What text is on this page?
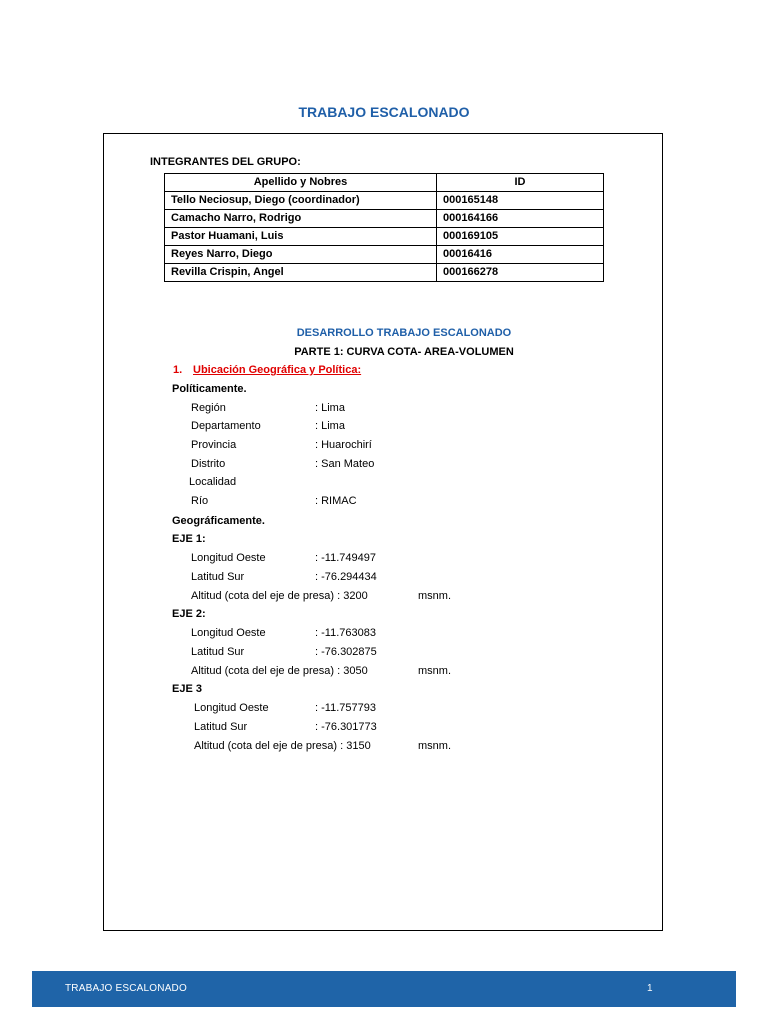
TRABAJO ESCALONADO
INTEGRANTES DEL GRUPO:
Apellido y Nobres	ID
Tello Neciosup, Diego (coordinador)	000165148
Camacho Narro, Rodrigo	000164166
Pastor Huamani, Luis	000169105
Reyes Narro, Diego	00016416
Revilla Crispin, Angel	000166278
DESARROLLO TRABAJO ESCALONADO
PARTE 1: CURVA COTA- AREA-VOLUMEN
1. Ubicación Geográfica y Política:
Políticamente.
Región	: Lima
Departamento	: Lima
Provincia	: Huarochirí
Distrito	: San Mateo
Localidad
Río	: RIMAC
Geográficamente.
EJE 1:
Longitud Oeste	: -11.749497
Latitud Sur	: -76.294434
Altitud (cota del eje de presa) : 3200	msnm.
EJE 2:
Longitud Oeste	: -11.763083
Latitud Sur	: -76.302875
Altitud (cota del eje de presa) : 3050	msnm.
EJE 3
Longitud Oeste	: -11.757793
Latitud Sur	: -76.301773
Altitud (cota del eje de presa) : 3150	msnm.
TRABAJO ESCALONADO	1
